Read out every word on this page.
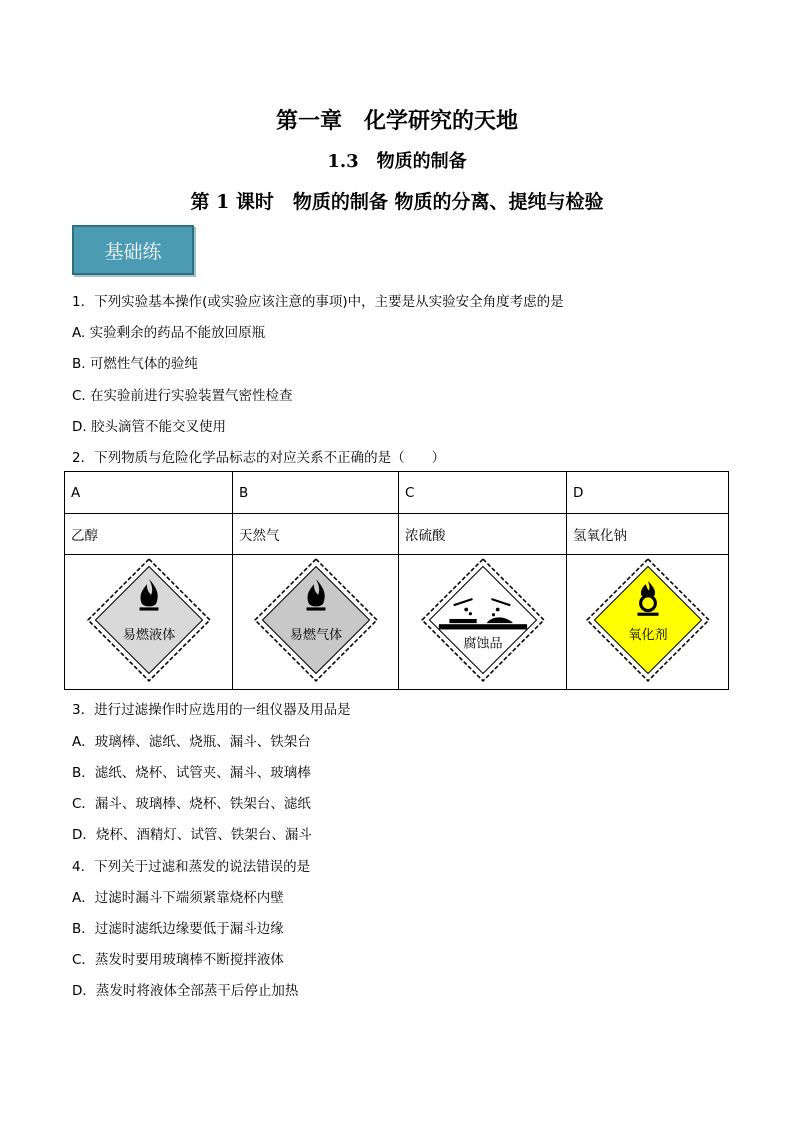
第一章　化学研究的天地
1.3　物质的制备
第 1 课时　物质的制备 物质的分离、提纯与检验
基础练
1．下列实验基本操作(或实验应该注意的事项)中，主要是从实验安全角度考虑的是
A. 实验剩余的药品不能放回原瓶
B. 可燃性气体的验纯
C. 在实验前进行实验装置气密性检查
D. 胶头滴管不能交叉使用
2．下列物质与危险化学品标志的对应关系不正确的是（　　）
A	B	C	D
乙醇	天然气	浓硫酸	氢氧化钠

易燃液体	易燃气体	腐蚀品	氧化剂
3．进行过滤操作时应选用的一组仪器及用品是
A．玻璃棒、滤纸、烧瓶、漏斗、铁架台
B．滤纸、烧杯、试管夹、漏斗、玻璃棒
C．漏斗、玻璃棒、烧杯、铁架台、滤纸
D．烧杯、酒精灯、试管、铁架台、漏斗
4．下列关于过滤和蒸发的说法错误的是
A．过滤时漏斗下端须紧靠烧杯内壁
B．过滤时滤纸边缘要低于漏斗边缘
C．蒸发时要用玻璃棒不断搅拌液体
D．蒸发时将液体全部蒸干后停止加热
